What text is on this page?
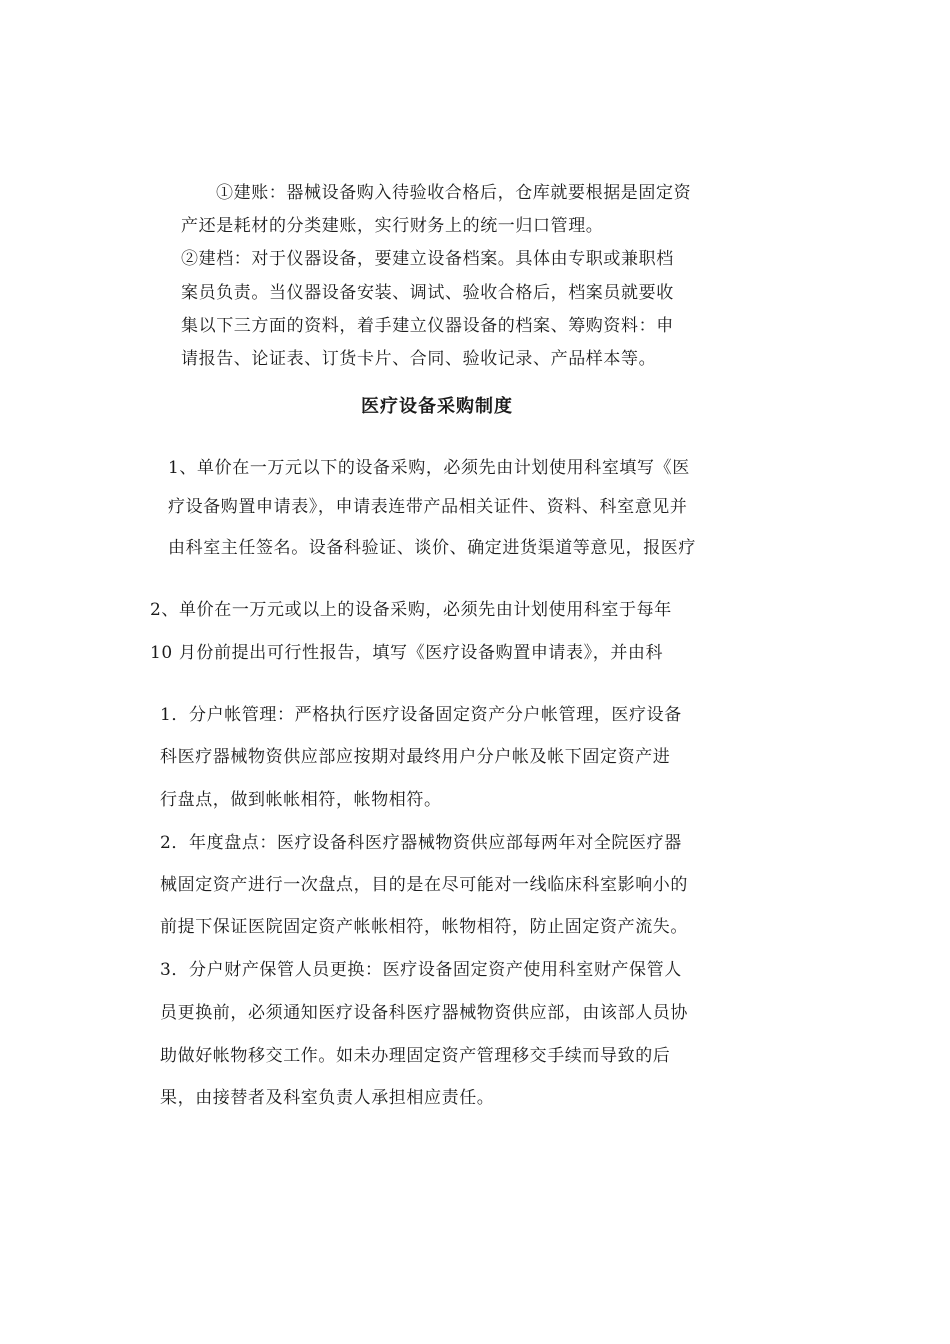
①建账：器械设备购入待验收合格后，仓库就要根据是固定资

产还是耗材的分类建账，实行财务上的统一归口管理。

②建档：对于仪器设备，要建立设备档案。具体由专职或兼职档

案员负责。当仪器设备安装、调试、验收合格后，档案员就要收

集以下三方面的资料，着手建立仪器设备的档案、筹购资料：申

请报告、论证表、订货卡片、合同、验收记录、产品样本等。

医疗设备采购制度

1、单价在一万元以下的设备采购，必须先由计划使用科室填写《医

疗设备购置申请表》，申请表连带产品相关证件、资料、科室意见并

由科室主任签名。设备科验证、谈价、确定进货渠道等意见，报医疗

2、单价在一万元或以上的设备采购，必须先由计划使用科室于每年

10 月份前提出可行性报告，填写《医疗设备购置申请表》，并由科

1．分户帐管理：严格执行医疗设备固定资产分户帐管理，医疗设备

科医疗器械物资供应部应按期对最终用户分户帐及帐下固定资产进

行盘点，做到帐帐相符，帐物相符。

2．年度盘点：医疗设备科医疗器械物资供应部每两年对全院医疗器

械固定资产进行一次盘点，目的是在尽可能对一线临床科室影响小的

前提下保证医院固定资产帐帐相符，帐物相符，防止固定资产流失。

3．分户财产保管人员更换：医疗设备固定资产使用科室财产保管人

员更换前，必须通知医疗设备科医疗器械物资供应部，由该部人员协

助做好帐物移交工作。如未办理固定资产管理移交手续而导致的后

果，由接替者及科室负责人承担相应责任。
